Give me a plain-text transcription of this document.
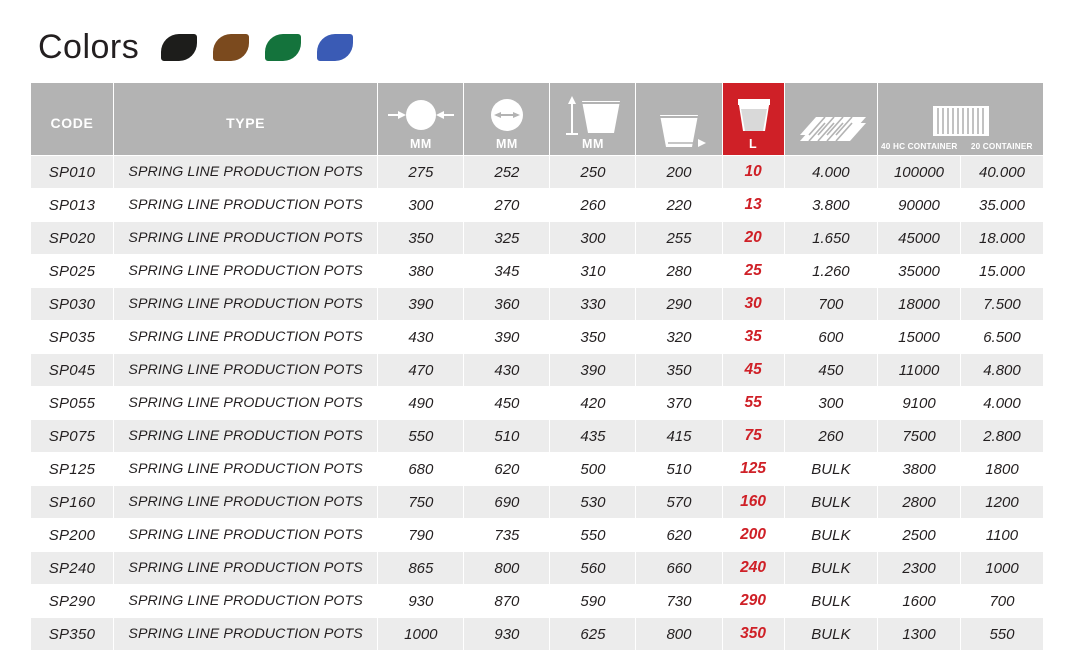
Colors
CODE	TYPE	MM	MM	MM		L		40 HC CONTAINER 20 CONTAINER	

SP010	SPRING LINE PRODUCTION POTS	275	252	250	200	10	4.000	100000	40.000
SP013	SPRING LINE PRODUCTION POTS	300	270	260	220	13	3.800	90000	35.000
SP020	SPRING LINE PRODUCTION POTS	350	325	300	255	20	1.650	45000	18.000
SP025	SPRING LINE PRODUCTION POTS	380	345	310	280	25	1.260	35000	15.000
SP030	SPRING LINE PRODUCTION POTS	390	360	330	290	30	700	18000	7.500
SP035	SPRING LINE PRODUCTION POTS	430	390	350	320	35	600	15000	6.500
SP045	SPRING LINE PRODUCTION POTS	470	430	390	350	45	450	11000	4.800
SP055	SPRING LINE PRODUCTION POTS	490	450	420	370	55	300	9100	4.000
SP075	SPRING LINE PRODUCTION POTS	550	510	435	415	75	260	7500	2.800
SP125	SPRING LINE PRODUCTION POTS	680	620	500	510	125	BULK	3800	1800
SP160	SPRING LINE PRODUCTION POTS	750	690	530	570	160	BULK	2800	1200
SP200	SPRING LINE PRODUCTION POTS	790	735	550	620	200	BULK	2500	1100
SP240	SPRING LINE PRODUCTION POTS	865	800	560	660	240	BULK	2300	1000
SP290	SPRING LINE PRODUCTION POTS	930	870	590	730	290	BULK	1600	700
SP350	SPRING LINE PRODUCTION POTS	1000	930	625	800	350	BULK	1300	550
